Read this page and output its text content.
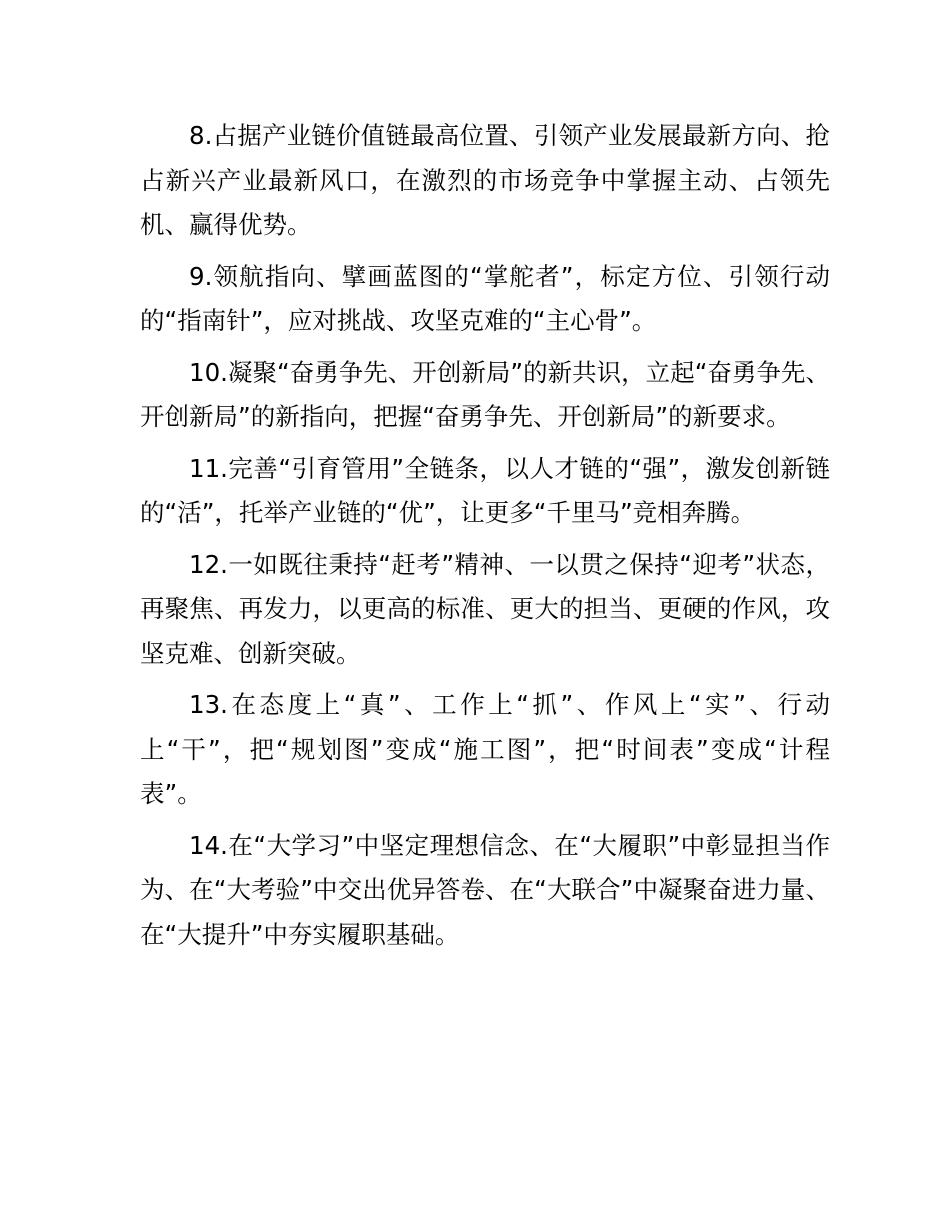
8.占据产业链价值链最高位置、引领产业发展最新方向、抢占新兴产业最新风口，在激烈的市场竞争中掌握主动、占领先机、赢得优势。

9.领航指向、擘画蓝图的“掌舵者”，标定方位、引领行动的“指南针”，应对挑战、攻坚克难的“主心骨”。

10.凝聚“奋勇争先、开创新局”的新共识，立起“奋勇争先、开创新局”的新指向，把握“奋勇争先、开创新局”的新要求。

11.完善“引育管用”全链条，以人才链的“强”，激发创新链的“活”，托举产业链的“优”，让更多“千里马”竞相奔腾。

12.一如既往秉持“赶考”精神、一以贯之保持“迎考”状态，再聚焦、再发力，以更高的标准、更大的担当、更硬的作风，攻坚克难、创新突破。

13.在态度上“真”、工作上“抓”、作风上“实”、行动上“干”，把“规划图”变成“施工图”，把“时间表”变成“计程表”。

14.在“大学习”中坚定理想信念、在“大履职”中彰显担当作为、在“大考验”中交出优异答卷、在“大联合”中凝聚奋进力量、在“大提升”中夯实履职基础。
